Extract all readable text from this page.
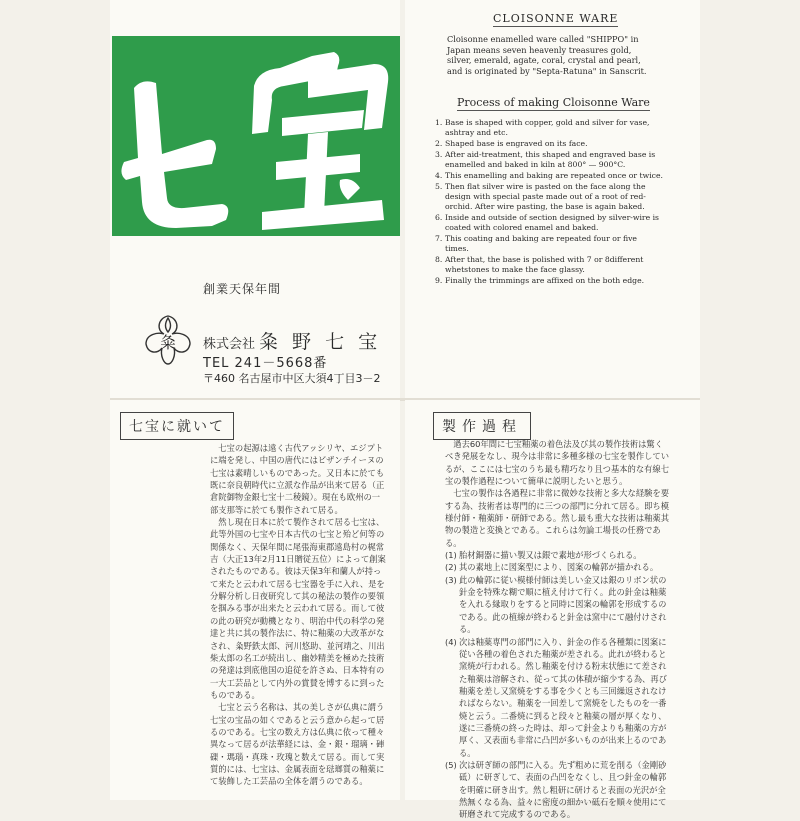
創業天保年間
粂 株式会社 粂 野 七 宝
TEL 241－5668番
〒460 名古屋市中区大須4丁目3－2
CLOISONNE WARE
Cloisonne enamelled ware called "SHIPPO" in Japan means seven heavenly treasures gold, silver, emerald, agate, coral, crystal and pearl, and is originated by "Septa-Ratuna" in Sanscrit.
Process of making Cloisonne Ware
1. Base is shaped with copper, gold and silver for vase, ashtray and etc.
2. Shaped base is engraved on its face.
3. After aid-treatment, this shaped and engraved base is enamelled and baked in kiln at 800° — 900°C.
4. This enamelling and baking are repeated once or twice.
5. Then flat silver wire is pasted on the face along the design with special paste made out of a root of red-orchid. After wire pasting, the base is again baked.
6. Inside and outside of section designed by silver-wire is coated with colored enamel and baked.
7. This coating and baking are repeated four or five times.
8. After that, the base is polished with 7 or 8different whetstones to make the face glassy.
9. Finally the trimmings are affixed on the both edge.
七宝に就いて

七宝の起源は遠く古代アッシリヤ、エジプトに端を発し、中国の唐代にはビザンチイーヌの七宝は素晴しいものであった。又日本に於ても既に奈良朝時代に立派な作品が出来て居る（正倉院御物金銀七宝十二稜鏡）。現在も欧州の一部支那等に於ても製作されて居る。

然し現在日本に於て製作されて居る七宝は、此等外国の七宝や日本古代の七宝と殆ど何等の関係なく、天保年間に尾張海東郡遠島村の梶常吉（大正13年2月11日贈従五位）によって創案されたものである。彼は天保3年和蘭人が持って来たと云われて居る七宝器を手に入れ、是を分解分析し日夜研究して其の秘法の製作の要領を掴みる事が出来たと云われて居る。而して彼の此の研究が動機となり、明治中代の科学の発達と共に其の製作法に、特に釉薬の大改革がなされ、粂野鉄太郎、河川悠助、並河靖之、川出柴太郎の名工が続出し、幽妙精美を極めた技術の発達は到底他国の追従を許さぬ、日本特有の一大工芸品として内外の賞賛を博するに到ったものである。

七宝と云う名称は、其の美しさが仏典に謂う七宝の宝品の如くであると云う意から起って居るのである。七宝の数え方は仏典に依って種々異なって居るが法華経には、金・銀・瑠璃・硨磲・瑪瑙・真珠・玫瑰と数えて居る。而して実質的には、七宝は、金属表面を琺瑯質の釉薬にて装飾した工芸品の全体を謂うのである。

製作過程

過去60年間に七宝釉薬の着色法及び其の製作技術は驚くべき発展をなし、現今は非常に多種多様の七宝を製作しているが、ここには七宝のうち最も精巧なり且つ基本的な有線七宝の製作過程について簡単に説明したいと思う。

七宝の製作は各過程に非常に微妙な技術と多大な経験を要する為、技術者は専門的に三つの部門に分れて居る。即ち模様付師・釉薬師・研師である。然し最も重大な技術は釉薬其物の製造と変換とである。これらは勿論工場長の任務である。

(1) 胎材銅器に描い製又は銀で素地が形づくられる。
(2) 其の素地上に図案型により、図案の輪郭が描かれる。
(3) 此の輪郭に従い模様付師は美しい金又は銀のリボン状の針金を特殊な糊で順に植え付けて行く。此の針金は釉薬を入れる縁取りをすると同時に図案の輪郭を形成するのである。此の植線が終わると針金は窯中にて融付けされる。
(4) 次は釉薬専門の部門に入り、針金の作る各種類に図案に従い各種の着色された釉薬が差される。此れが終わると窯焼が行われる。然し釉薬を付ける粉末状態にて差された釉薬は溶解され、従って其の体積が縮少する為、再び釉薬を差し又窯焼をする事を少くとも三回繰返されなければならない。釉薬を一回差して窯焼をしたものを一番焼と云う。二番焼に到ると段々と釉薬の層が厚くなり、遂に三番焼の終った時は、却って針金よりも釉薬の方が厚く、又表面も非常に凸凹が多いものが出来上るのである。
(5) 次は研ぎ師の部門に入る。先ず粗めに荒を削る（金剛砂砥）に研ぎして、表面の凸凹をなくし、且つ針金の輪郭を明確に研き出す。然し粗研に研けると表面の光沢が全然無くなる為、益々に密度の細かい砥石を順々使用にて研磨されて完成するのである。
